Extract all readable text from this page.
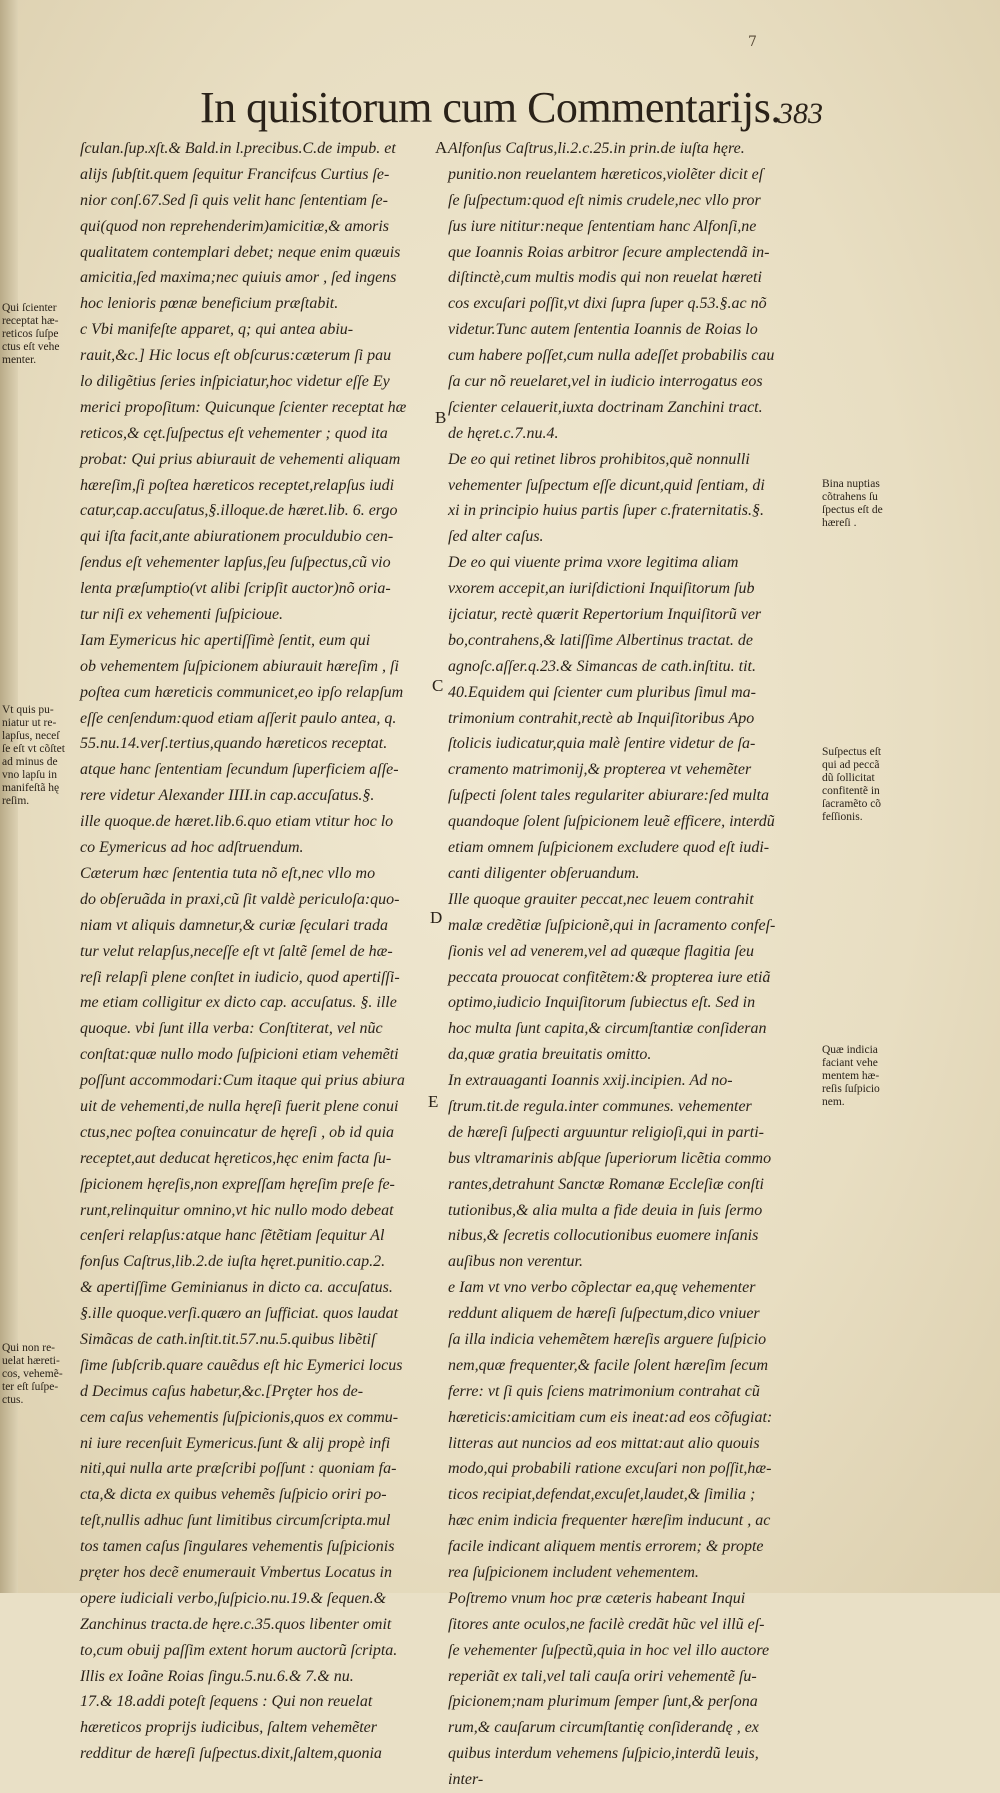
7
In quisitorum cum Commentarijs.
383
ſculan.ſup.xſt.& Bald.in l.precibus.C.de impub. et
alijs ſubſtit.quem ſequitur Francifcus Curtius ſe-
nior conſ.67.Sed ſi quis velit hanc ſententiam ſe-
qui(quod non reprehenderim)amicitiæ,& amoris
qualitatem contemplari debet; neque enim quæuis
amicitia,ſed maxima;nec quiuis amor , ſed ingens
hoc lenioris pœnæ beneficium præſtabit.
c Vbi manifeſte apparet, q; qui antea abiu-
rauit,&c.] Hic locus eſt obſcurus:cæterum ſi pau
lo diligẽtius ſeries inſpiciatur,hoc videtur eſſe Ey
merici propoſitum: Quicunque ſcienter receptat hæ
reticos,& cęt.ſuſpectus eſt vehementer ; quod ita
probat: Qui prius abiurauit de vehementi aliquam
hæreſim,ſi poſtea hæreticos receptet,relapſus iudi
catur,cap.accuſatus,§.illoque.de hæret.lib. 6. ergo
qui iſta facit,ante abiurationem proculdubio cen-
ſendus eſt vehementer lapſus,ſeu ſuſpectus,cũ vio
lenta præſumptio(vt alibi ſcripſit auctor)nõ oria-
tur niſi ex vehementi ſuſpicioue.
Iam Eymericus hic apertiſſimè ſentit, eum qui
ob vehementem ſuſpicionem abiurauit hæreſim , ſi
poſtea cum hæreticis communicet,eo ipſo relapſum
eſſe cenſendum:quod etiam aſſerit paulo antea, q.
55.nu.14.verſ.tertius,quando hæreticos receptat.
atque hanc ſententiam ſecundum ſuperficiem aſſe-
rere videtur Alexander IIII.in cap.accuſatus.§.
ille quoque.de hæret.lib.6.quo etiam vtitur hoc lo
co Eymericus ad hoc adſtruendum.
Cæterum hæc ſententia tuta nõ eſt,nec vllo mo
do obſeruãda in praxi,cũ ſit valdè periculoſa:quo-
niam vt aliquis damnetur,& curiæ ſęculari trada
tur velut relapſus,neceſſe eſt vt ſaltẽ ſemel de hæ-
reſi relapſi plene conſtet in iudicio, quod apertiſſi-
me etiam colligitur ex dicto cap. accuſatus. §. ille
quoque. vbi ſunt illa verba: Conſtiterat, vel nũc
conſtat:quæ nullo modo ſuſpicioni etiam vehemẽti
poſſunt accommodari:Cum itaque qui prius abiura
uit de vehementi,de nulla hęreſi fuerit plene conui
ctus,nec poſtea conuincatur de hęreſi , ob id quia
receptet,aut deducat hęreticos,hęc enim facta ſu-
ſpicionem hęreſis,non expreſſam hęreſim preſe fe-
runt,relinquitur omnino,vt hic nullo modo debeat
cenſeri relapſus:atque hanc ſẽtẽtiam ſequitur Al
fonſus Caſtrus,lib.2.de iuſta hęret.punitio.cap.2.
& apertiſſime Geminianus in dicto ca. accuſatus.
§.ille quoque.verſi.quæro an ſufficiat. quos laudat
Simãcas de cath.inſtit.tit.57.nu.5.quibus libẽtiſ
ſime ſubſcrib.quare cauẽdus eſt hic Eymerici locus
d Decimus caſus habetur,&c.[Prȩter hos de-
cem caſus vehementis ſuſpicionis,quos ex commu-
ni iure recenſuit Eymericus.ſunt & alij propè infi
niti,qui nulla arte præſcribi poſſunt : quoniam fa-
cta,& dicta ex quibus vehemẽs ſuſpicio oriri po-
teſt,nullis adhuc ſunt limitibus circumſcripta.mul
tos tamen caſus ſingulares vehementis ſuſpicionis
pręter hos decẽ enumerauit Vmbertus Locatus in
opere iudiciali verbo,ſuſpicio.nu.19.& ſequen.&
Zanchinus tracta.de hęre.c.35.quos libenter omit
to,cum obuij paſſim extent horum auctorũ ſcripta.
Illis ex Ioãne Roias ſingu.5.nu.6.& 7.& nu.
17.& 18.addi poteſt ſequens : Qui non reuelat
hæreticos proprijs iudicibus, ſaltem vehemẽter
redditur de hæreſi ſuſpectus.dixit,ſaltem,quonia
Alfonſus Caſtrus,li.2.c.25.in prin.de iuſta hęre.
punitio.non reuelantem hæreticos,violẽter dicit eſ
ſe ſuſpectum:quod eſt nimis crudele,nec vllo pror
ſus iure nititur:neque ſententiam hanc Alfonſi,ne
que Ioannis Roias arbitror ſecure amplectendã in-
diſtinctè,cum multis modis qui non reuelat hæreti
cos excuſari poſſit,vt dixi ſupra ſuper q.53.§.ac nõ
videtur.Tunc autem ſententia Ioannis de Roias lo
cum habere poſſet,cum nulla adeſſet probabilis cau
ſa cur nõ reuelaret,vel in iudicio interrogatus eos
ſcienter celauerit,iuxta doctrinam Zanchini tract.
de hęret.c.7.nu.4.
De eo qui retinet libros prohibitos,quẽ nonnulli
vehementer ſuſpectum eſſe dicunt,quid ſentiam, di
xi in principio huius partis ſuper c.fraternitatis.§.
ſed alter caſus.
De eo qui viuente prima vxore legitima aliam
vxorem accepit,an iuriſdictioni Inquiſitorum ſub
ijciatur, rectè quærit Repertorium Inquiſitorũ ver
bo,contrahens,& latiſſime Albertinus tractat. de
agnoſc.aſſer.q.23.& Simancas de cath.inſtitu. tit.
40.Equidem qui ſcienter cum pluribus ſimul ma-
trimonium contrahit,rectè ab Inquiſitoribus Apo
ſtolicis iudicatur,quia malè ſentire videtur de ſa-
cramento matrimonij,& propterea vt vehemẽter
ſuſpecti ſolent tales regulariter abiurare:ſed multa
quandoque ſolent ſuſpicionem leuẽ efficere, interdũ
etiam omnem ſuſpicionem excludere quod eſt iudi-
canti diligenter obſeruandum.
Ille quoque grauiter peccat,nec leuem contrahit
malæ credẽtiæ ſuſpicionẽ,qui in ſacramento confeſ-
ſionis vel ad venerem,vel ad quæque flagitia ſeu
peccata prouocat confitẽtem:& propterea iure etiã
optimo,iudicio Inquiſitorum ſubiectus eſt. Sed in
hoc multa ſunt capita,& circumſtantiæ conſideran
da,quæ gratia breuitatis omitto.
In extrauaganti Ioannis xxij.incipien. Ad no-
ſtrum.tit.de regula.inter communes. vehementer
de hæreſi ſuſpecti arguuntur religioſi,qui in parti-
bus vltramarinis abſque ſuperiorum licẽtia commo
rantes,detrahunt Sanctæ Romanæ Eccleſiæ conſti
tutionibus,& alia multa a fide deuia in ſuis ſermo
nibus,& ſecretis collocutionibus euomere inſanis
auſibus non verentur.
e Iam vt vno verbo cõplectar ea,quę vehementer
reddunt aliquem de hæreſi ſuſpectum,dico vniuer
ſa illa indicia vehemẽtem hæreſis arguere ſuſpicio
nem,quæ frequenter,& facile ſolent hæreſim ſecum
ferre: vt ſi quis ſciens matrimonium contrahat cũ
hæreticis:amicitiam cum eis ineat:ad eos cõfugiat:
litteras aut nuncios ad eos mittat:aut alio quouis
modo,qui probabili ratione excuſari non poſſit,hæ-
ticos recipiat,defendat,excuſet,laudet,& ſimilia ;
hæc enim indicia frequenter hæreſim inducunt , ac
facile indicant aliquem mentis errorem; & propte
rea ſuſpicionem includent vehementem.
Poſtremo vnum hoc præ cæteris habeant Inqui
ſitores ante oculos,ne facilè credãt hũc vel illũ eſ-
ſe vehementer ſuſpectũ,quia in hoc vel illo auctore
reperiãt ex tali,vel tali cauſa oriri vehementẽ ſu-
ſpicionem;nam plurimum ſemper ſunt,& perſona
rum,& cauſarum circumſtantię conſiderandę , ex
quibus interdum vehemens ſuſpicio,interdũ leuis,
inter-
A
B
C
D
E
Qui ſcienter
receptat hæ-
reticos ſuſpe
ctus eſt vehe
menter.
Vt quis pu-
niatur ut re-
lapſus, neceſ
ſe eſt vt cõſtet
ad minus de
vno lapſu in
manifeſtã hę
reſim.
Qui non re-
uelat hæreti-
cos, vehemẽ-
ter eſt ſuſpe-
ctus.
Bina nuptias
cõtrahens ſu
ſpectus eſt de
hæreſi .
Suſpectus eſt
qui ad peccã
dũ ſollicitat
confitentẽ in
ſacramẽto cõ
feſſionis.
Quæ indicia
faciant vehe
mentem hæ-
reſis ſuſpicio
nem.
